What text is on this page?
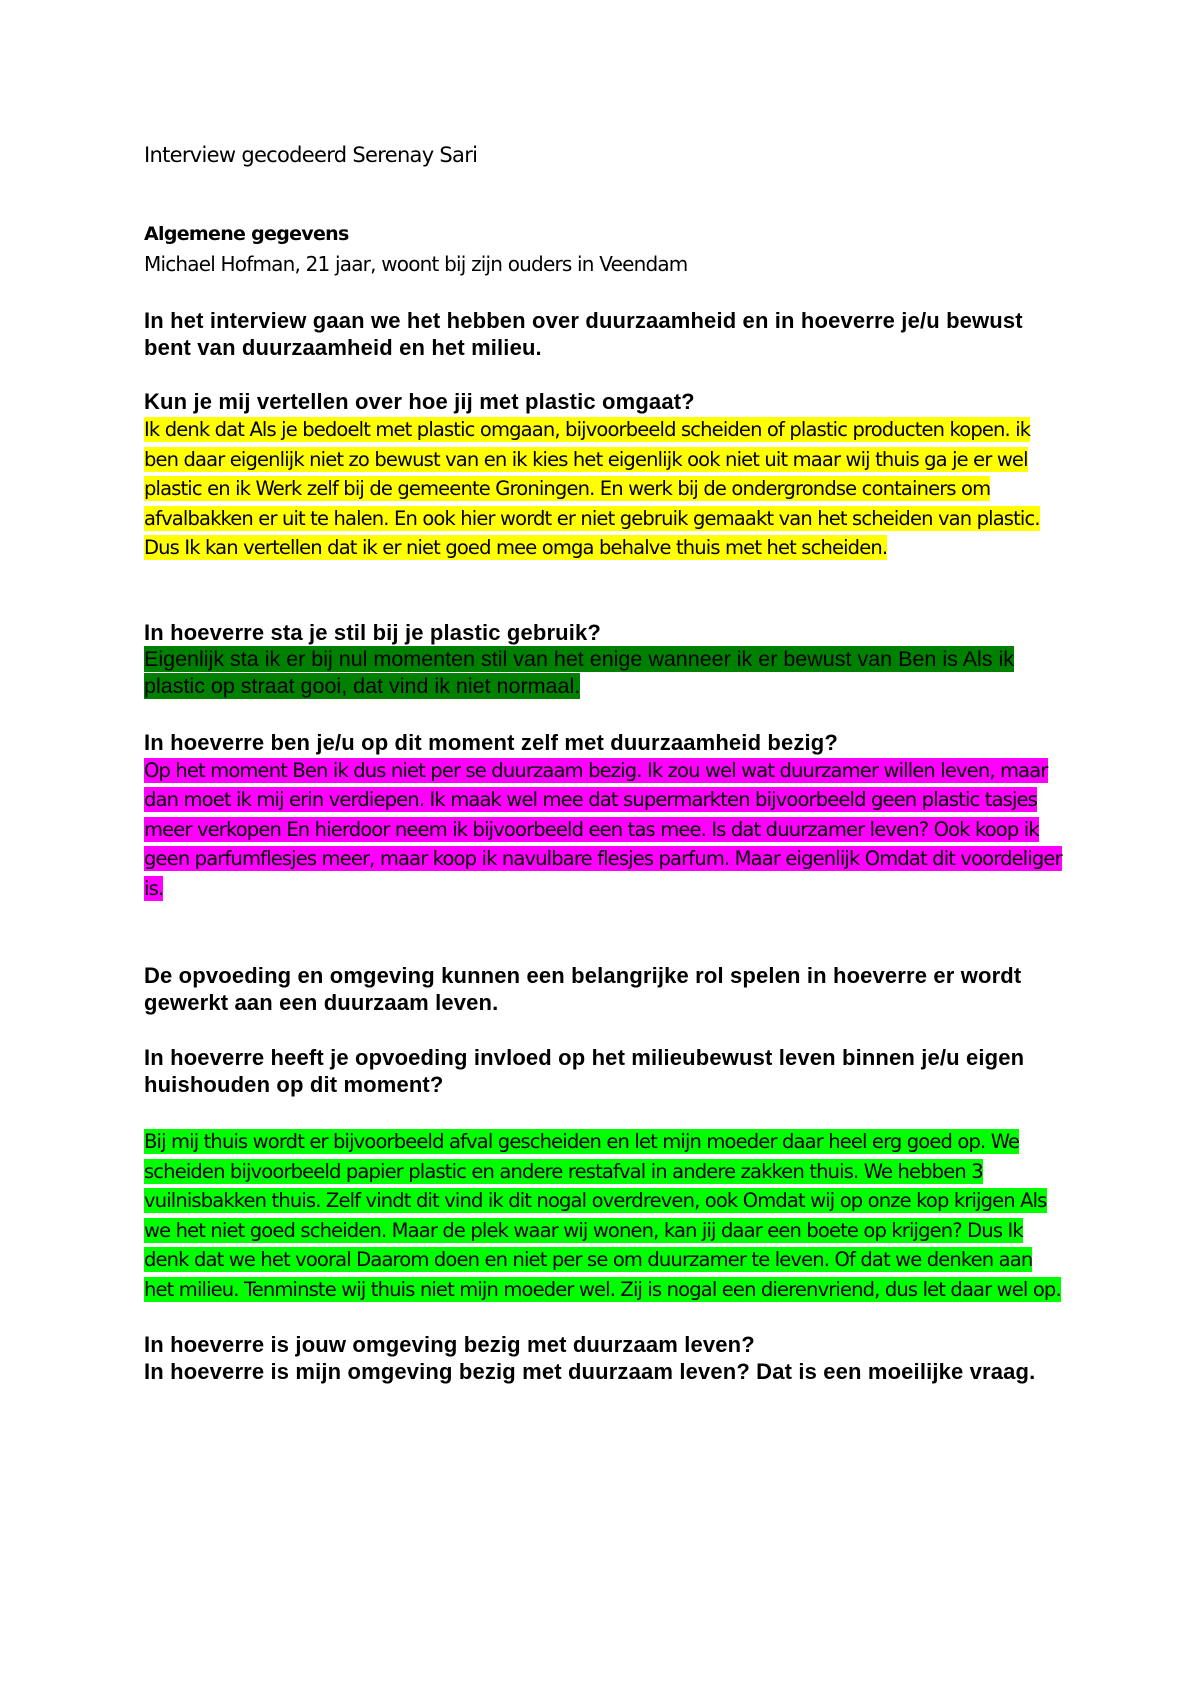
Interview gecodeerd Serenay Sari

Algemene gegevens

Michael Hofman, 21 jaar, woont bij zijn ouders in Veendam

In het interview gaan we het hebben over duurzaamheid en in hoeverre je/u bewust bent van duurzaamheid en het milieu.

Kun je mij vertellen over hoe jij met plastic omgaat?

Ik denk dat Als je bedoelt met plastic omgaan, bijvoorbeeld scheiden of plastic producten kopen. ik ben daar eigenlijk niet zo bewust van en ik kies het eigenlijk ook niet uit maar wij thuis ga je er wel plastic en ik Werk zelf bij de gemeente Groningen. En werk bij de ondergrondse containers om afvalbakken er uit te halen. En ook hier wordt er niet gebruik gemaakt van het scheiden van plastic. Dus Ik kan vertellen dat ik er niet goed mee omga behalve thuis met het scheiden.

In hoeverre sta je stil bij je plastic gebruik?

Eigenlijk sta ik er bij nul momenten stil van het enige wanneer ik er bewust van Ben is Als ik plastic op straat gooi, dat vind ik niet normaal.

In hoeverre ben je/u op dit moment zelf met duurzaamheid bezig?

Op het moment Ben ik dus niet per se duurzaam bezig. Ik zou wel wat duurzamer willen leven, maar dan moet ik mij erin verdiepen. Ik maak wel mee dat supermarkten bijvoorbeeld geen plastic tasjes meer verkopen En hierdoor neem ik bijvoorbeeld een tas mee. Is dat duurzamer leven? Ook koop ik geen parfumflesjes meer, maar koop ik navulbare flesjes parfum. Maar eigenlijk Omdat dit voordeliger is.

De opvoeding en omgeving kunnen een belangrijke rol spelen in hoeverre er wordt gewerkt aan een duurzaam leven.

In hoeverre heeft je opvoeding invloed op het milieubewust leven binnen je/u eigen huishouden op dit moment?

Bij mij thuis wordt er bijvoorbeeld afval gescheiden en let mijn moeder daar heel erg goed op. We scheiden bijvoorbeeld papier plastic en andere restafval in andere zakken thuis. We hebben 3 vuilnisbakken thuis. Zelf vindt dit vind ik dit nogal overdreven, ook Omdat wij op onze kop krijgen Als we het niet goed scheiden. Maar de plek waar wij wonen, kan jij daar een boete op krijgen? Dus Ik denk dat we het vooral Daarom doen en niet per se om duurzamer te leven. Of dat we denken aan het milieu. Tenminste wij thuis niet mijn moeder wel. Zij is nogal een dierenvriend, dus let daar wel op.

In hoeverre is jouw omgeving bezig met duurzaam leven?

In hoeverre is mijn omgeving bezig met duurzaam leven? Dat is een moeilijke vraag.
